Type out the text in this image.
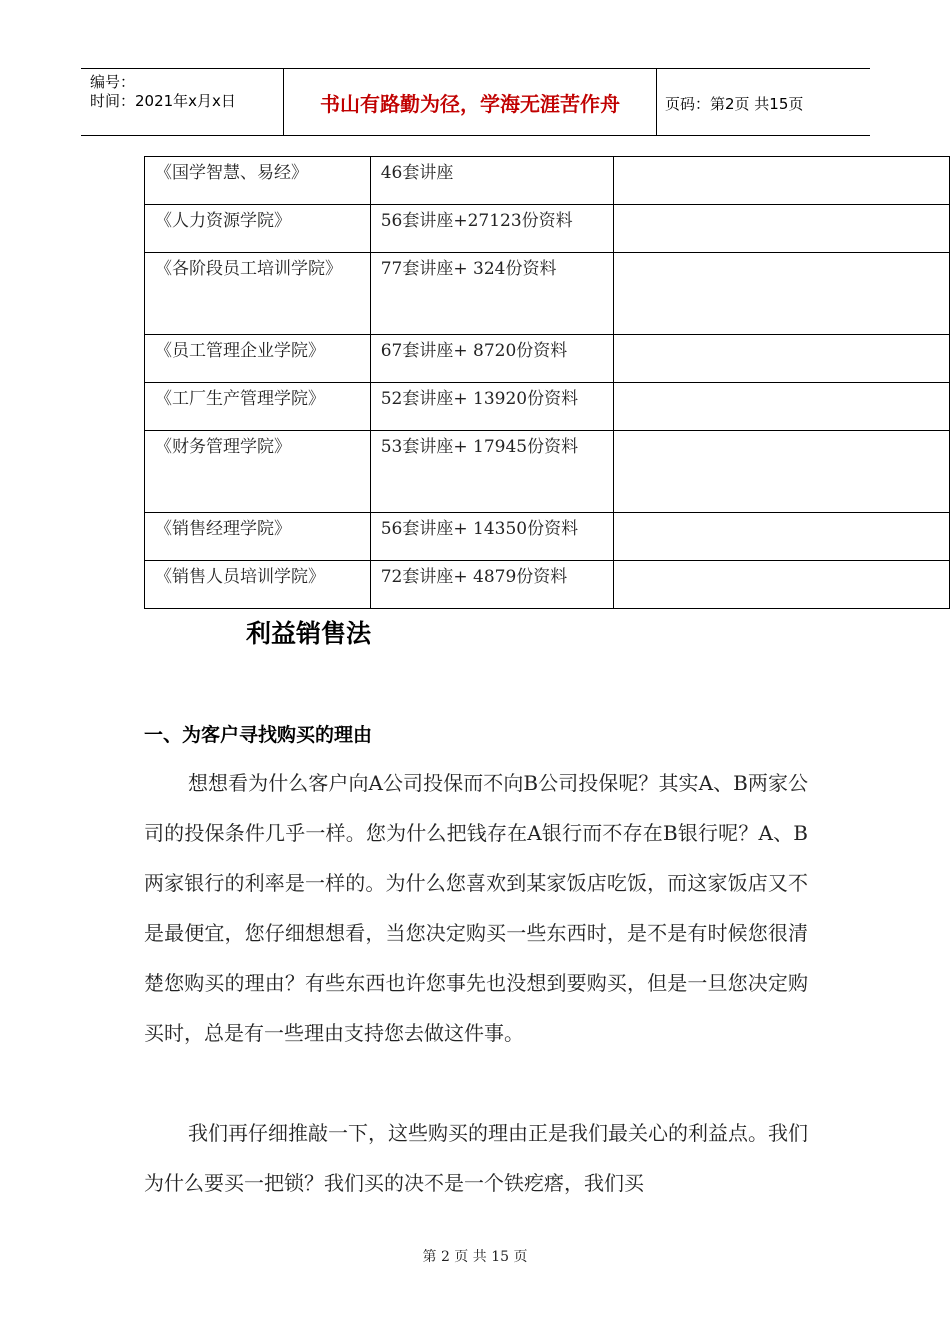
编号：
时间：2021年x月x日	书山有路勤为径，学海无涯苦作舟	页码：第2页 共15页
《国学智慧、易经》	46套讲座	

《人力资源学院》	56套讲座+27123份资料	

《各阶段员工培训学院》	77套讲座+ 324份资料	

《员工管理企业学院》	67套讲座+ 8720份资料	

《工厂生产管理学院》	52套讲座+ 13920份资料	

《财务管理学院》	53套讲座+ 17945份资料	

《销售经理学院》	56套讲座+ 14350份资料	

《销售人员培训学院》	72套讲座+ 4879份资料	

利益销售法
一、为客户寻找购买的理由

想想看为什么客户向A公司投保而不向B公司投保呢？其实A、B两家公司的投保条件几乎一样。您为什么把钱存在A银行而不存在B银行呢？A、B两家银行的利率是一样的。为什么您喜欢到某家饭店吃饭，而这家饭店又不是最便宜，您仔细想想看，当您决定购买一些东西时，是不是有时候您很清楚您购买的理由？有些东西也许您事先也没想到要购买，但是一旦您决定购买时，总是有一些理由支持您去做这件事。

我们再仔细推敲一下，这些购买的理由正是我们最关心的利益点。我们为什么要买一把锁？我们买的决不是一个铁疙瘩，我们买

第 2 页 共 15 页
